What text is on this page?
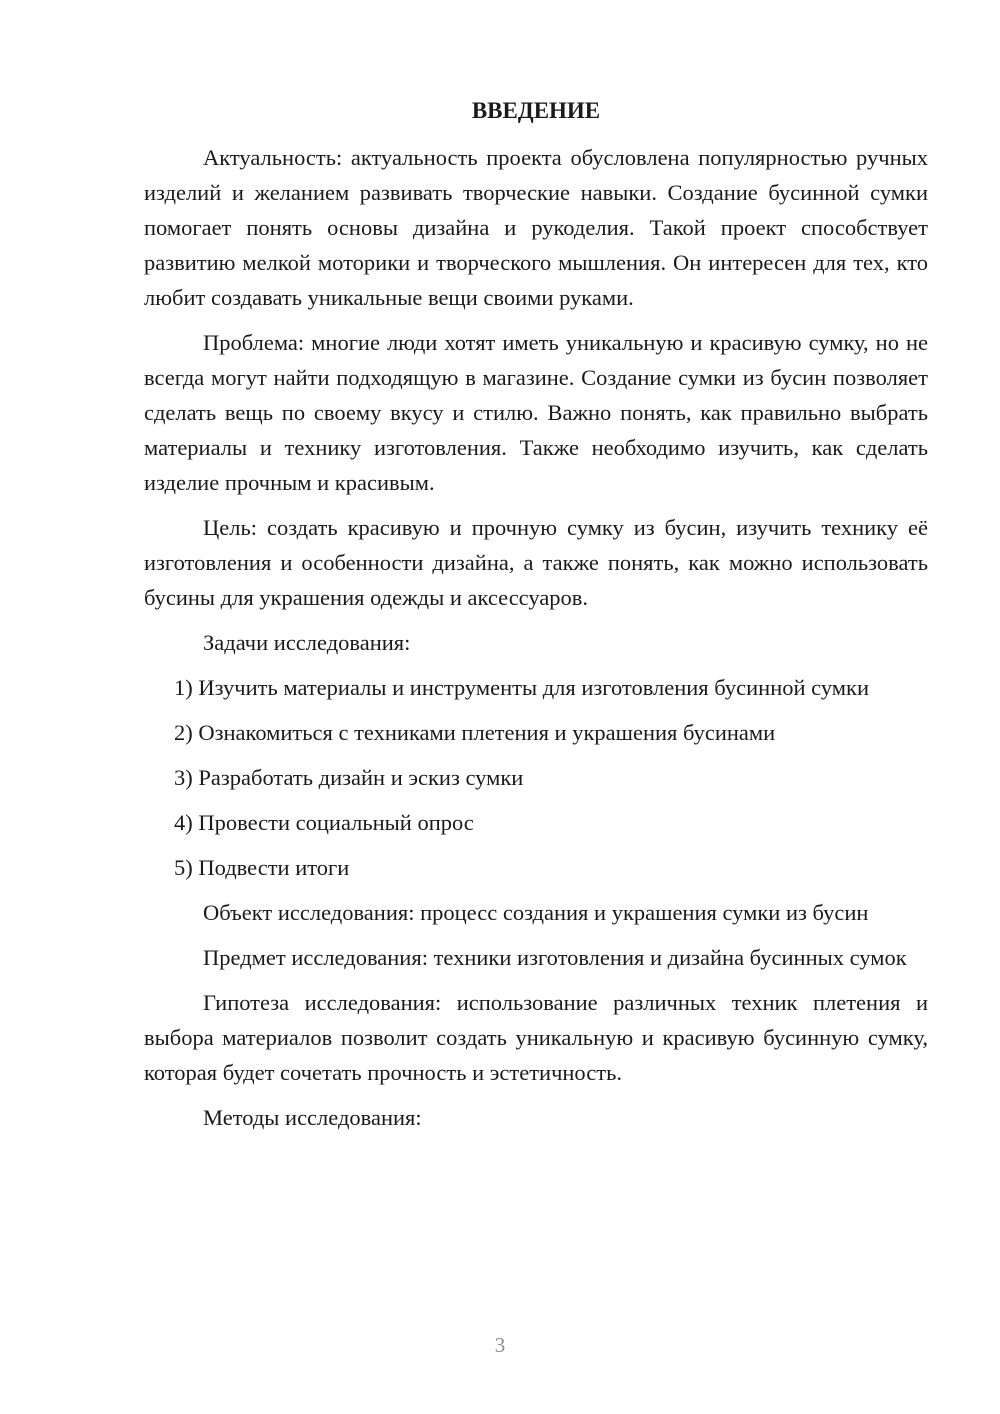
ВВЕДЕНИЕ

Актуальность: актуальность проекта обусловлена популярностью ручных изделий и желанием развивать творческие навыки. Создание бусинной сумки помогает понять основы дизайна и рукоделия. Такой проект способствует развитию мелкой моторики и творческого мышления. Он интересен для тех, кто любит создавать уникальные вещи своими руками.

Проблема: многие люди хотят иметь уникальную и красивую сумку, но не всегда могут найти подходящую в магазине. Создание сумки из бусин позволяет сделать вещь по своему вкусу и стилю. Важно понять, как правильно выбрать материалы и технику изготовления. Также необходимо изучить, как сделать изделие прочным и красивым.

Цель: создать красивую и прочную сумку из бусин, изучить технику её изготовления и особенности дизайна, а также понять, как можно использовать бусины для украшения одежды и аксессуаров.

Задачи исследования:

1) Изучить материалы и инструменты для изготовления бусинной сумки

2) Ознакомиться с техниками плетения и украшения бусинами

3) Разработать дизайн и эскиз сумки

4) Провести социальный опрос

5) Подвести итоги

Объект исследования: процесс создания и украшения сумки из бусин

Предмет исследования: техники изготовления и дизайна бусинных сумок

Гипотеза исследования: использование различных техник плетения и выбора материалов позволит создать уникальную и красивую бусинную сумку, которая будет сочетать прочность и эстетичность.

Методы исследования:

3
